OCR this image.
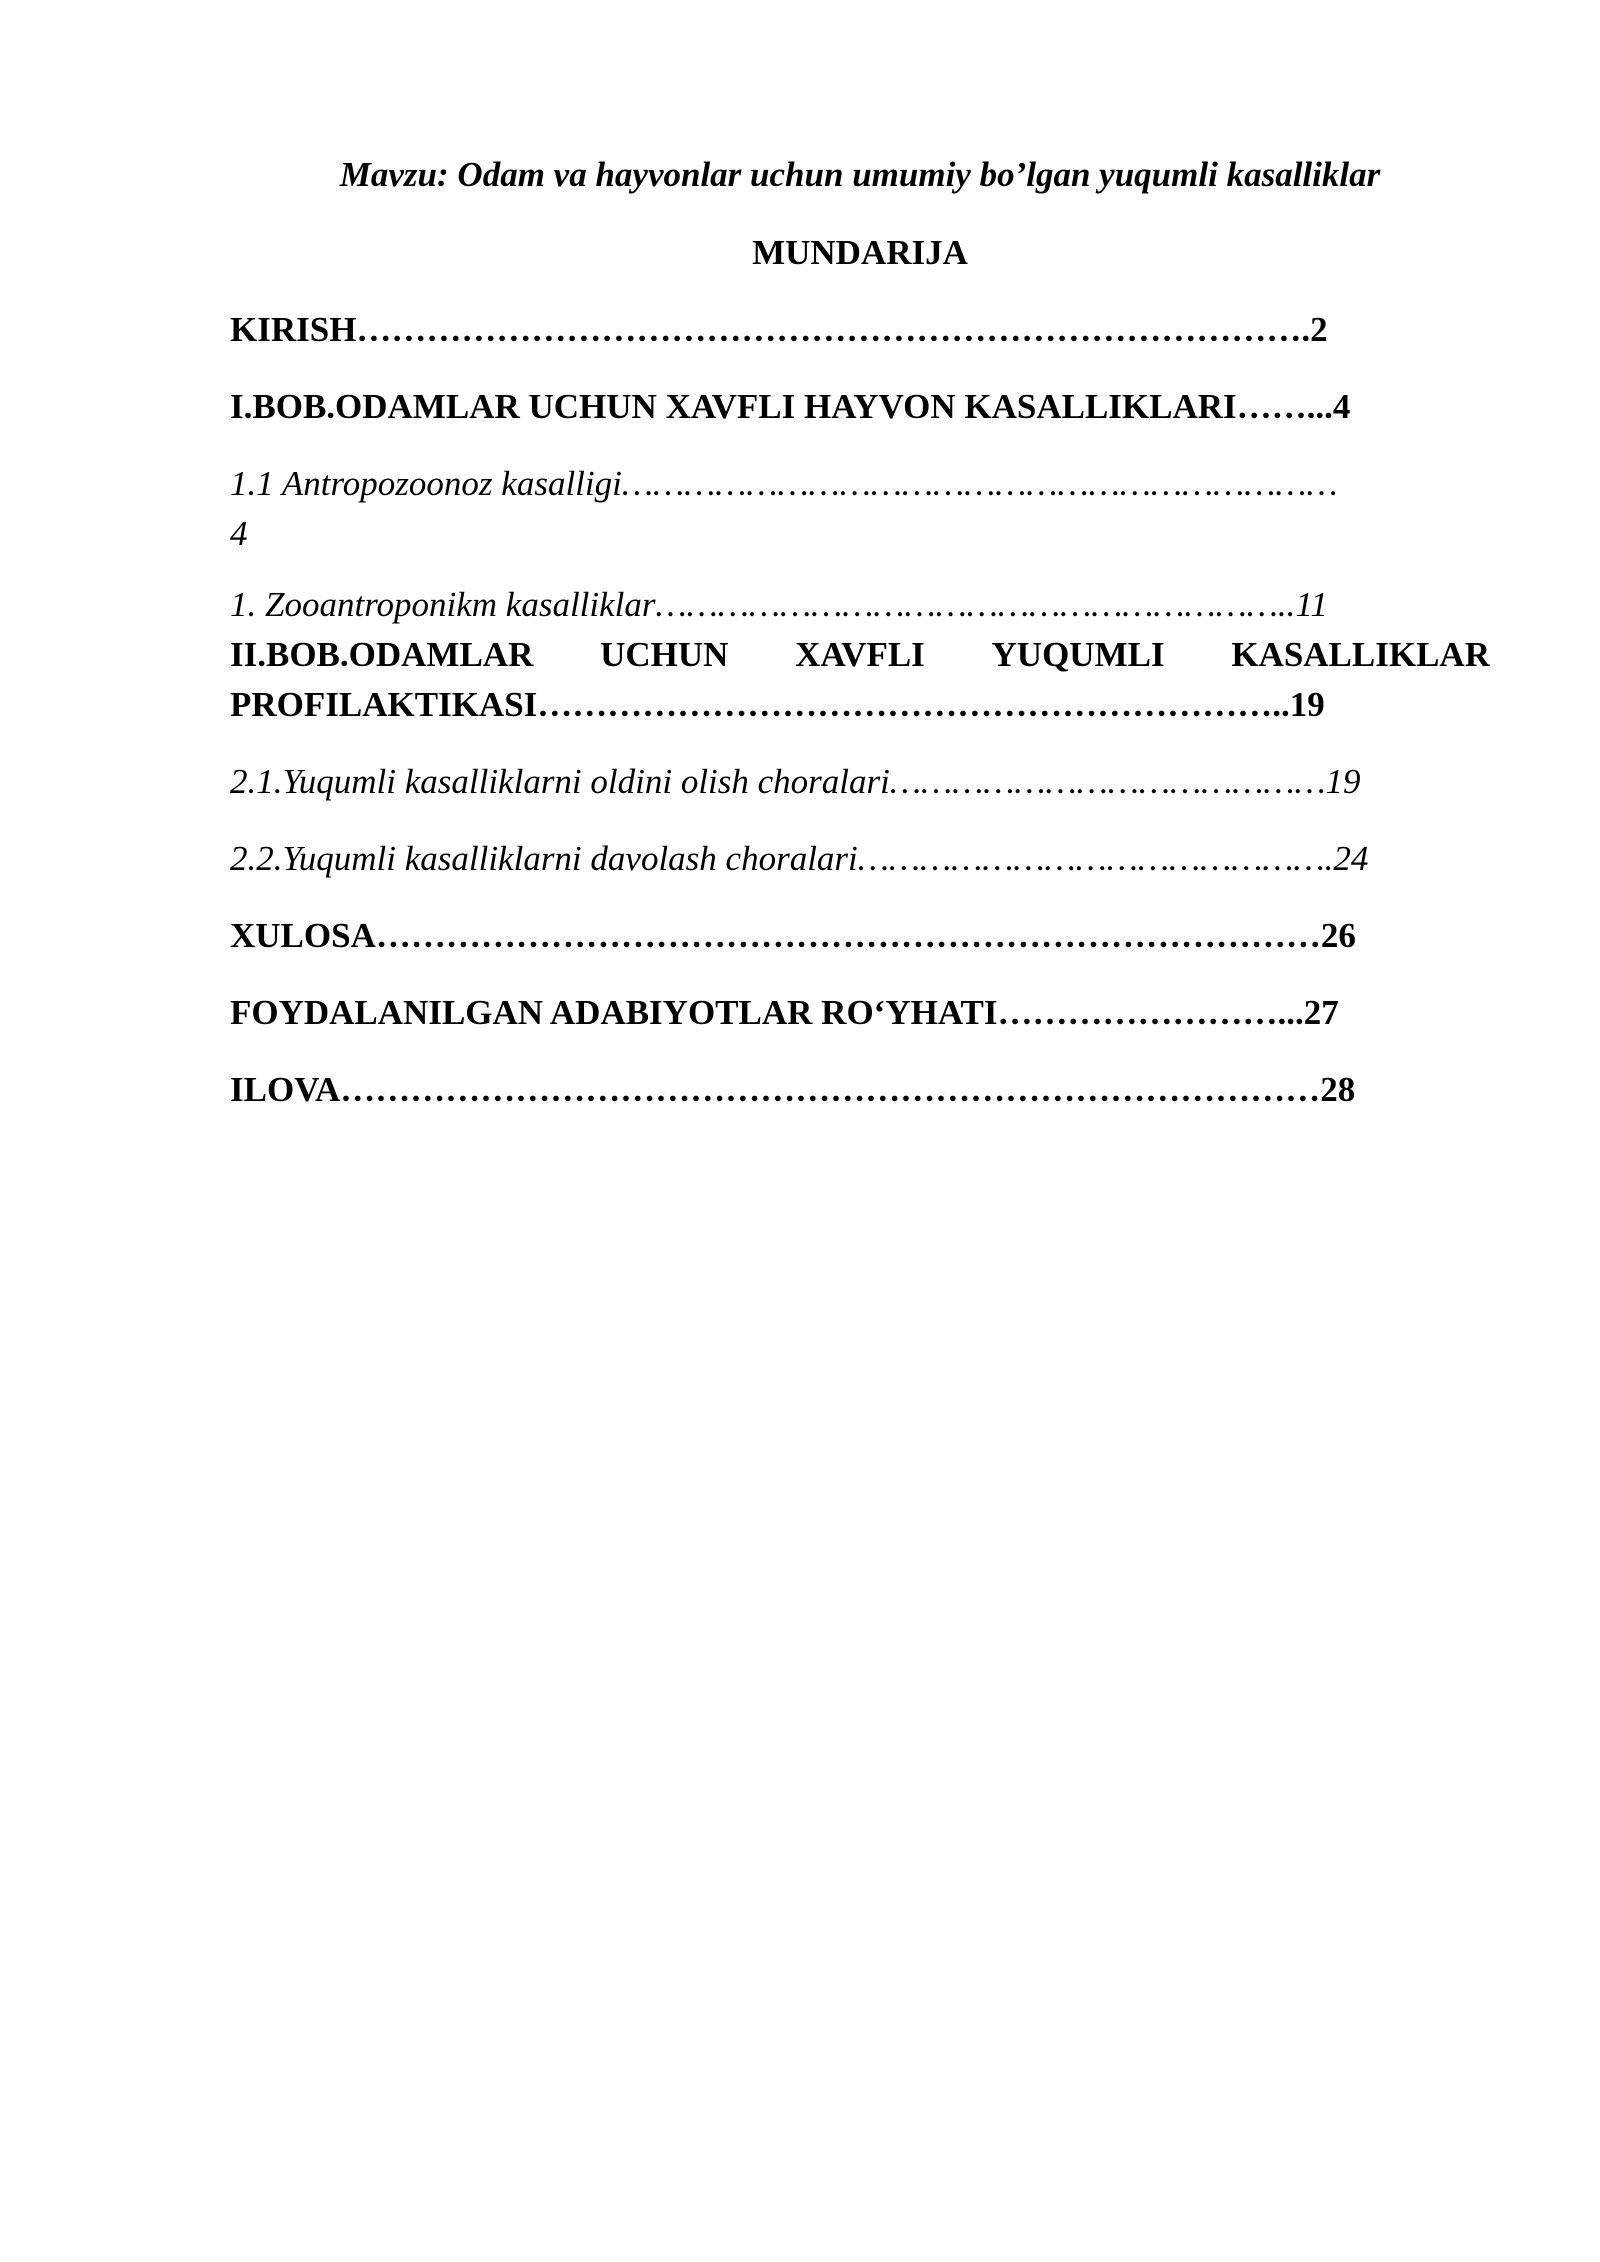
Mavzu: Odam va hayvonlar uchun umumiy bo’lgan yuqumli kasalliklar
MUNDARIJA
KIRISH……………………………………………………………………….2
I.BOB.ODAMLAR UCHUN XAVFLI HAYVON KASALLIKLARI……...4
1.1 Antropozoonoz kasalligi……………………………………………………………
4
1. Zooantroponikm kasalliklar……………………………………………………..11
II.BOB.ODAMLAR UCHUN XAVFLI YUQUMLI KASALLIKLAR
PROFILAKTIKASI………………………………………………………..19
2.1.Yuqumli kasalliklarni oldini olish choralari……………………………………19
2.2.Yuqumli kasalliklarni davolash choralari……………………………………….24
XULOSA………………………………………………………………………26
FOYDALANILGAN ADABIYOTLAR RO‘YHATI……………………...27
ILOVA…………………………………………………………………………28
